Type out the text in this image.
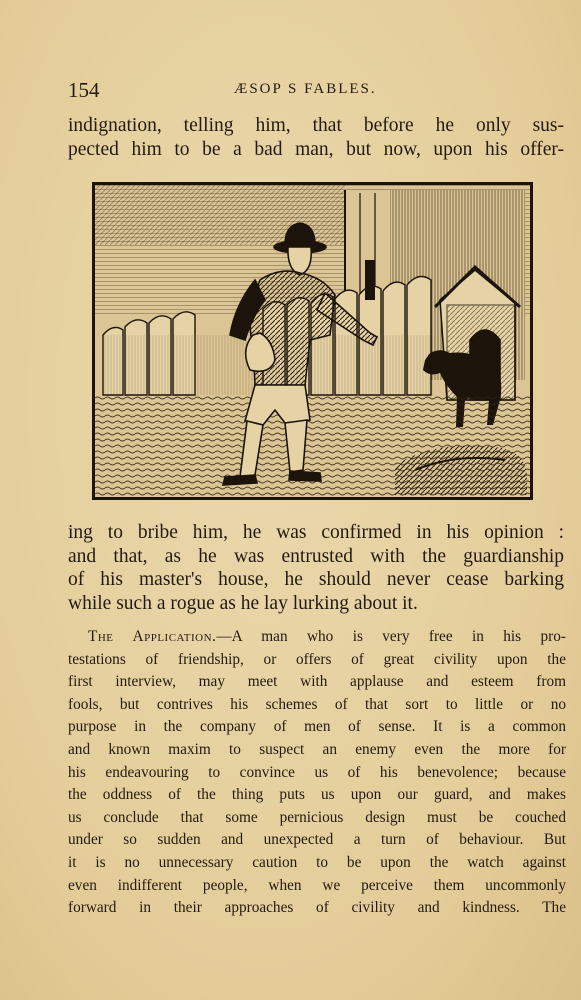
154	ÆSOP S FABLES.
indignation, telling him, that before he only sus-
pected him to be a bad man, but now, upon his offer-
ing to bribe him, he was confirmed in his opinion :
and that, as he was entrusted with the guardianship
of his master's house, he should never cease barking
while such a rogue as he lay lurking about it.
The Application.—A man who is very free in his pro-
testations of friendship, or offers of great civility upon the
first interview, may meet with applause and esteem from
fools, but contrives his schemes of that sort to little or no
purpose in the company of men of sense. It is a common
and known maxim to suspect an enemy even the more for
his endeavouring to convince us of his benevolence; because
the oddness of the thing puts us upon our guard, and makes
us conclude that some pernicious design must be couched
under so sudden and unexpected a turn of behaviour. But
it is no unnecessary caution to be upon the watch against
even indifferent people, when we perceive them uncommonly
forward in their approaches of civility and kindness. The
